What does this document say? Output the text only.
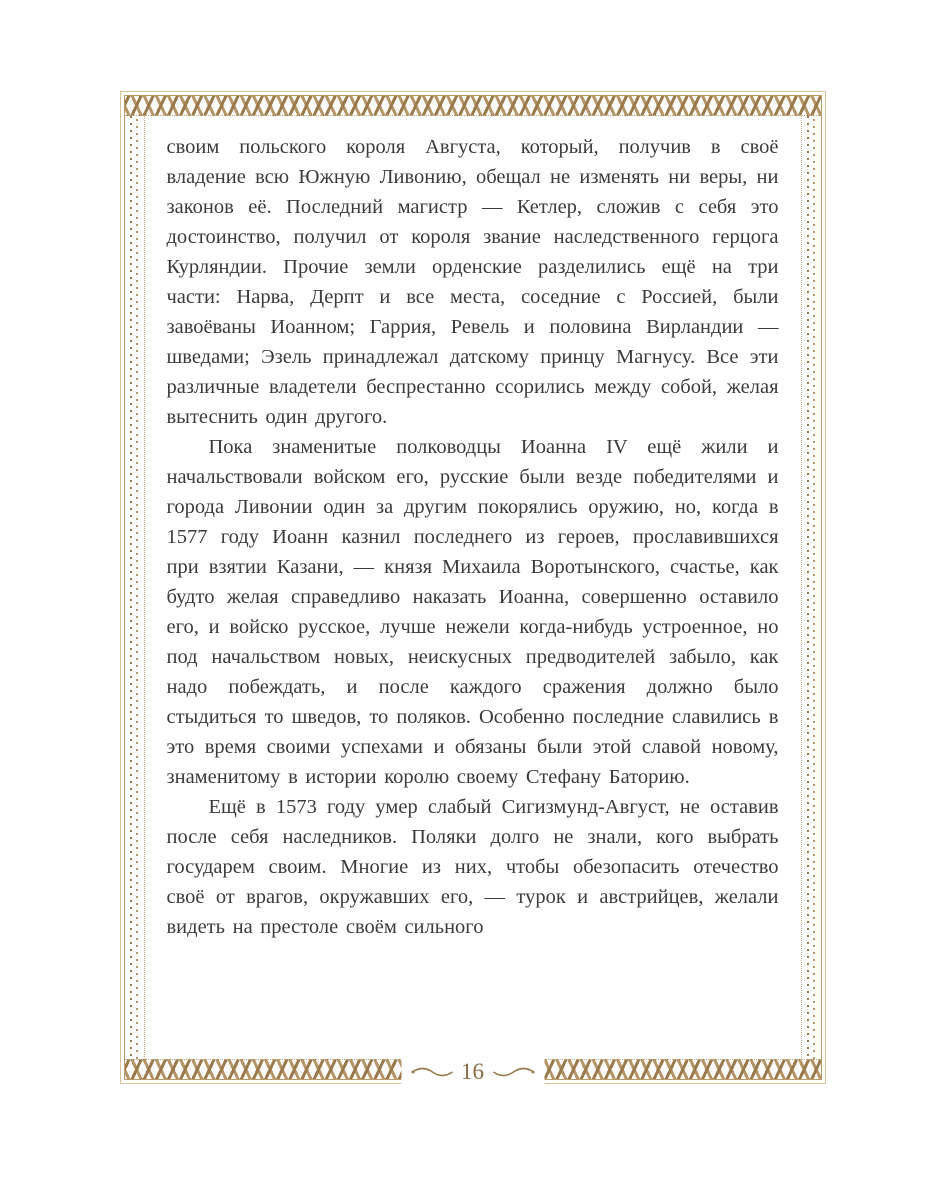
своим польского короля Августа, который, получив в своё владение всю Южную Ливонию, обещал не изменять ни веры, ни законов её. Последний магистр — Кетлер, сложив с себя это достоинство, получил от короля звание наследственного герцога Курляндии. Прочие земли орденские разделились ещё на три части: Нарва, Дерпт и все места, соседние с Россией, были завоёваны Иоанном; Гаррия, Ревель и половина Вирландии — шведами; Эзель принадлежал датскому принцу Магнусу. Все эти различные владетели беспрестанно ссорились между собой, желая вытеснить один другого.

Пока знаменитые полководцы Иоанна IV ещё жили и начальствовали войском его, русские были везде победителями и города Ливонии один за другим покорялись оружию, но, когда в 1577 году Иоанн казнил последнего из героев, прославившихся при взятии Казани, — князя Михаила Воротынского, счастье, как будто желая справедливо наказать Иоанна, совершенно оставило его, и войско русское, лучше нежели когда-нибудь устроенное, но под начальством новых, неискусных предводителей забыло, как надо побеждать, и после каждого сражения должно было стыдиться то шведов, то поляков. Особенно последние славились в это время своими успехами и обязаны были этой славой новому, знаменитому в истории королю своему Стефану Баторию.

Ещё в 1573 году умер слабый Сигизмунд-Август, не оставив после себя наследников. Поляки долго не знали, кого выбрать государем своим. Многие из них, чтобы обезопасить отечество своё от врагов, окружавших его, — турок и австрийцев, желали видеть на престоле своём сильного

16
